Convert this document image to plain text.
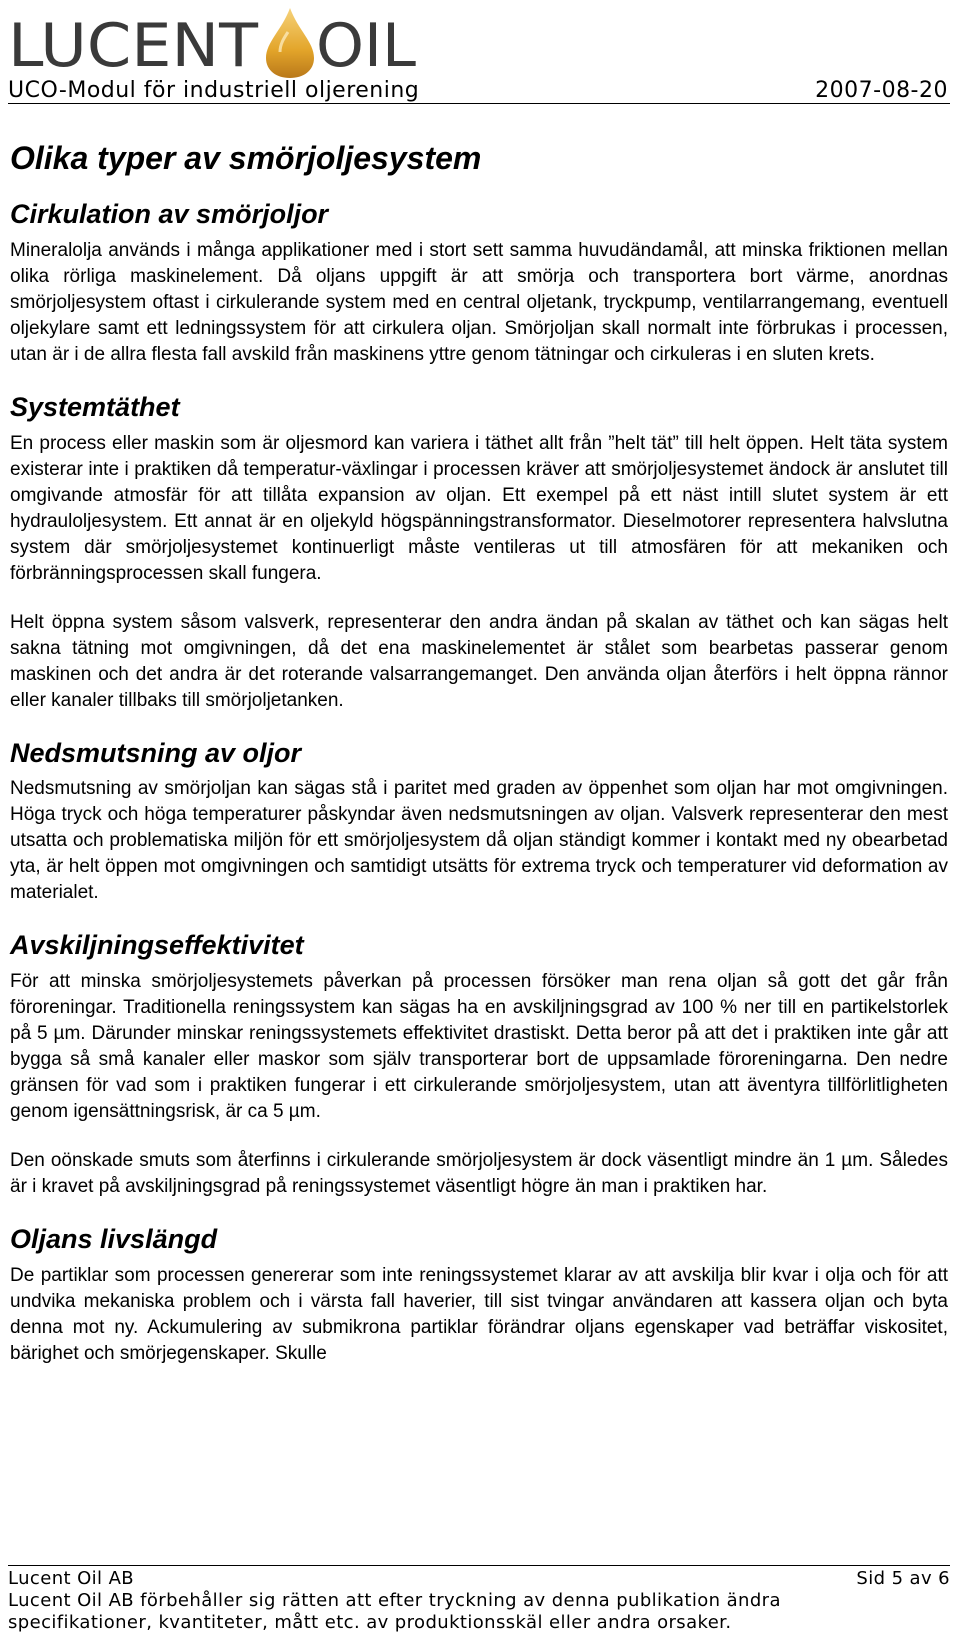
LUCENT OIL
UCO-Modul för industriell oljerening	2007-08-20
Olika typer av smörjoljesystem
Cirkulation av smörjoljor

Mineralolja används i många applikationer med i stort sett samma huvudändamål, att minska friktionen mellan olika rörliga maskinelement. Då oljans uppgift är att smörja och transportera bort värme, anordnas smörjoljesystem oftast i cirkulerande system med en central oljetank, tryckpump, ventilarrangemang, eventuell oljekylare samt ett ledningssystem för att cirkulera oljan. Smörjoljan skall normalt inte förbrukas i processen, utan är i de allra flesta fall avskild från maskinens yttre genom tätningar och cirkuleras i en sluten krets.

Systemtäthet

En process eller maskin som är oljesmord kan variera i täthet allt från ”helt tät” till helt öppen. Helt täta system existerar inte i praktiken då temperatur-växlingar i processen kräver att smörjoljesystemet ändock är anslutet till omgivande atmosfär för att tillåta expansion av oljan. Ett exempel på ett näst intill slutet system är ett hydrauloljesystem. Ett annat är en oljekyld högspänningstransformator. Dieselmotorer representera halvslutna system där smörjoljesystemet kontinuerligt måste ventileras ut till atmosfären för att mekaniken och förbränningsprocessen skall fungera.

Helt öppna system såsom valsverk, representerar den andra ändan på skalan av täthet och kan sägas helt sakna tätning mot omgivningen, då det ena maskinelementet är stålet som bearbetas passerar genom maskinen och det andra är det roterande valsarrangemanget. Den använda oljan återförs i helt öppna rännor eller kanaler tillbaks till smörjoljetanken.

Nedsmutsning av oljor

Nedsmutsning av smörjoljan kan sägas stå i paritet med graden av öppenhet som oljan har mot omgivningen. Höga tryck och höga temperaturer påskyndar även nedsmutsningen av oljan. Valsverk representerar den mest utsatta och problematiska miljön för ett smörjoljesystem då oljan ständigt kommer i kontakt med ny obearbetad yta, är helt öppen mot omgivningen och samtidigt utsätts för extrema tryck och temperaturer vid deformation av materialet.

Avskiljningseffektivitet

För att minska smörjoljesystemets påverkan på processen försöker man rena oljan så gott det går från föroreningar. Traditionella reningssystem kan sägas ha en avskiljningsgrad av 100 % ner till en partikelstorlek på 5 µm. Därunder minskar reningssystemets effektivitet drastiskt. Detta beror på att det i praktiken inte går att bygga så små kanaler eller maskor som själv transporterar bort de uppsamlade föroreningarna. Den nedre gränsen för vad som i praktiken fungerar i ett cirkulerande smörjoljesystem, utan att äventyra tillförlitligheten genom igensättningsrisk, är ca 5 µm.

Den oönskade smuts som återfinns i cirkulerande smörjoljesystem är dock väsentligt mindre än 1 µm. Således är i kravet på avskiljningsgrad på reningssystemet väsentligt högre än man i praktiken har.

Oljans livslängd

De partiklar som processen genererar som inte reningssystemet klarar av att avskilja blir kvar i olja och för att undvika mekaniska problem och i värsta fall haverier, till sist tvingar användaren att kassera oljan och byta denna mot ny. Ackumulering av submikrona partiklar förändrar oljans egenskaper vad beträffar viskositet, bärighet och smörjegenskaper. Skulle

Lucent Oil AB	Sid 5 av 6
Lucent Oil AB förbehåller sig rätten att efter tryckning av denna publikation ändra
specifikationer, kvantiteter, mått etc. av produktionsskäl eller andra orsaker.
